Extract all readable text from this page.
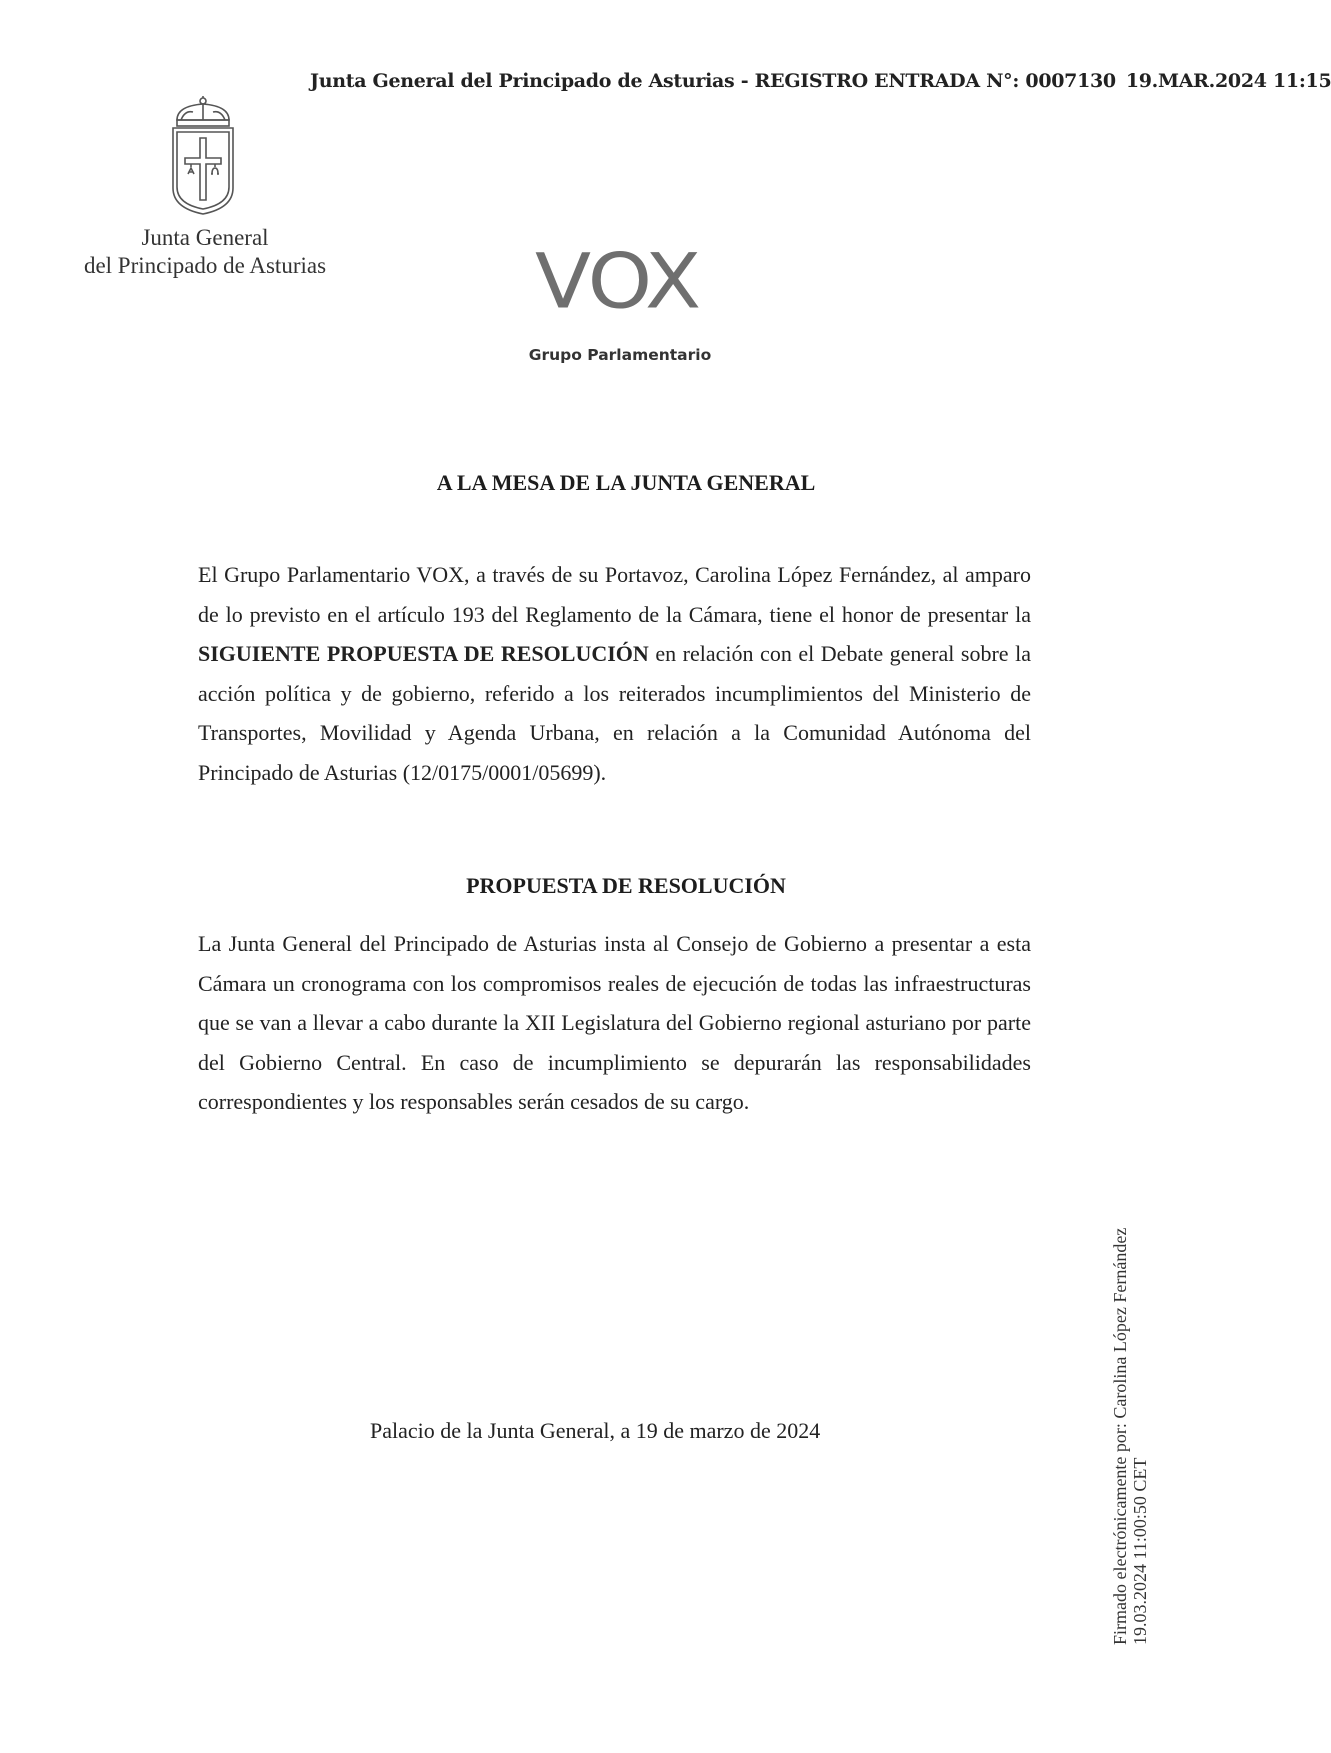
Junta General del Principado de Asturias - REGISTRO ENTRADA N°: 0007130 19.MAR.2024 11:15
Junta General
del Principado de Asturias	VOX
Grupo Parlamentario
A LA MESA DE LA JUNTA GENERAL
El Grupo Parlamentario VOX, a través de su Portavoz, Carolina López Fernández, al amparo de lo previsto en el artículo 193 del Reglamento de la Cámara, tiene el honor de presentar la SIGUIENTE PROPUESTA DE RESOLUCIÓN en relación con el Debate general sobre la acción política y de gobierno, referido a los reiterados incumplimientos del Ministerio de Transportes, Movilidad y Agenda Urbana, en relación a la Comunidad Autónoma del Principado de Asturias (12/0175/0001/05699).
PROPUESTA DE RESOLUCIÓN
La Junta General del Principado de Asturias insta al Consejo de Gobierno a presentar a esta Cámara un cronograma con los compromisos reales de ejecución de todas las infraestructuras que se van a llevar a cabo durante la XII Legislatura del Gobierno regional asturiano por parte del Gobierno Central. En caso de incumplimiento se depurarán las responsabilidades correspondientes y los responsables serán cesados de su cargo.
Palacio de la Junta General, a 19 de marzo de 2024	Firmado electrónicamente por: Carolina López Fernández 19.03.2024 11:00:50 CET
